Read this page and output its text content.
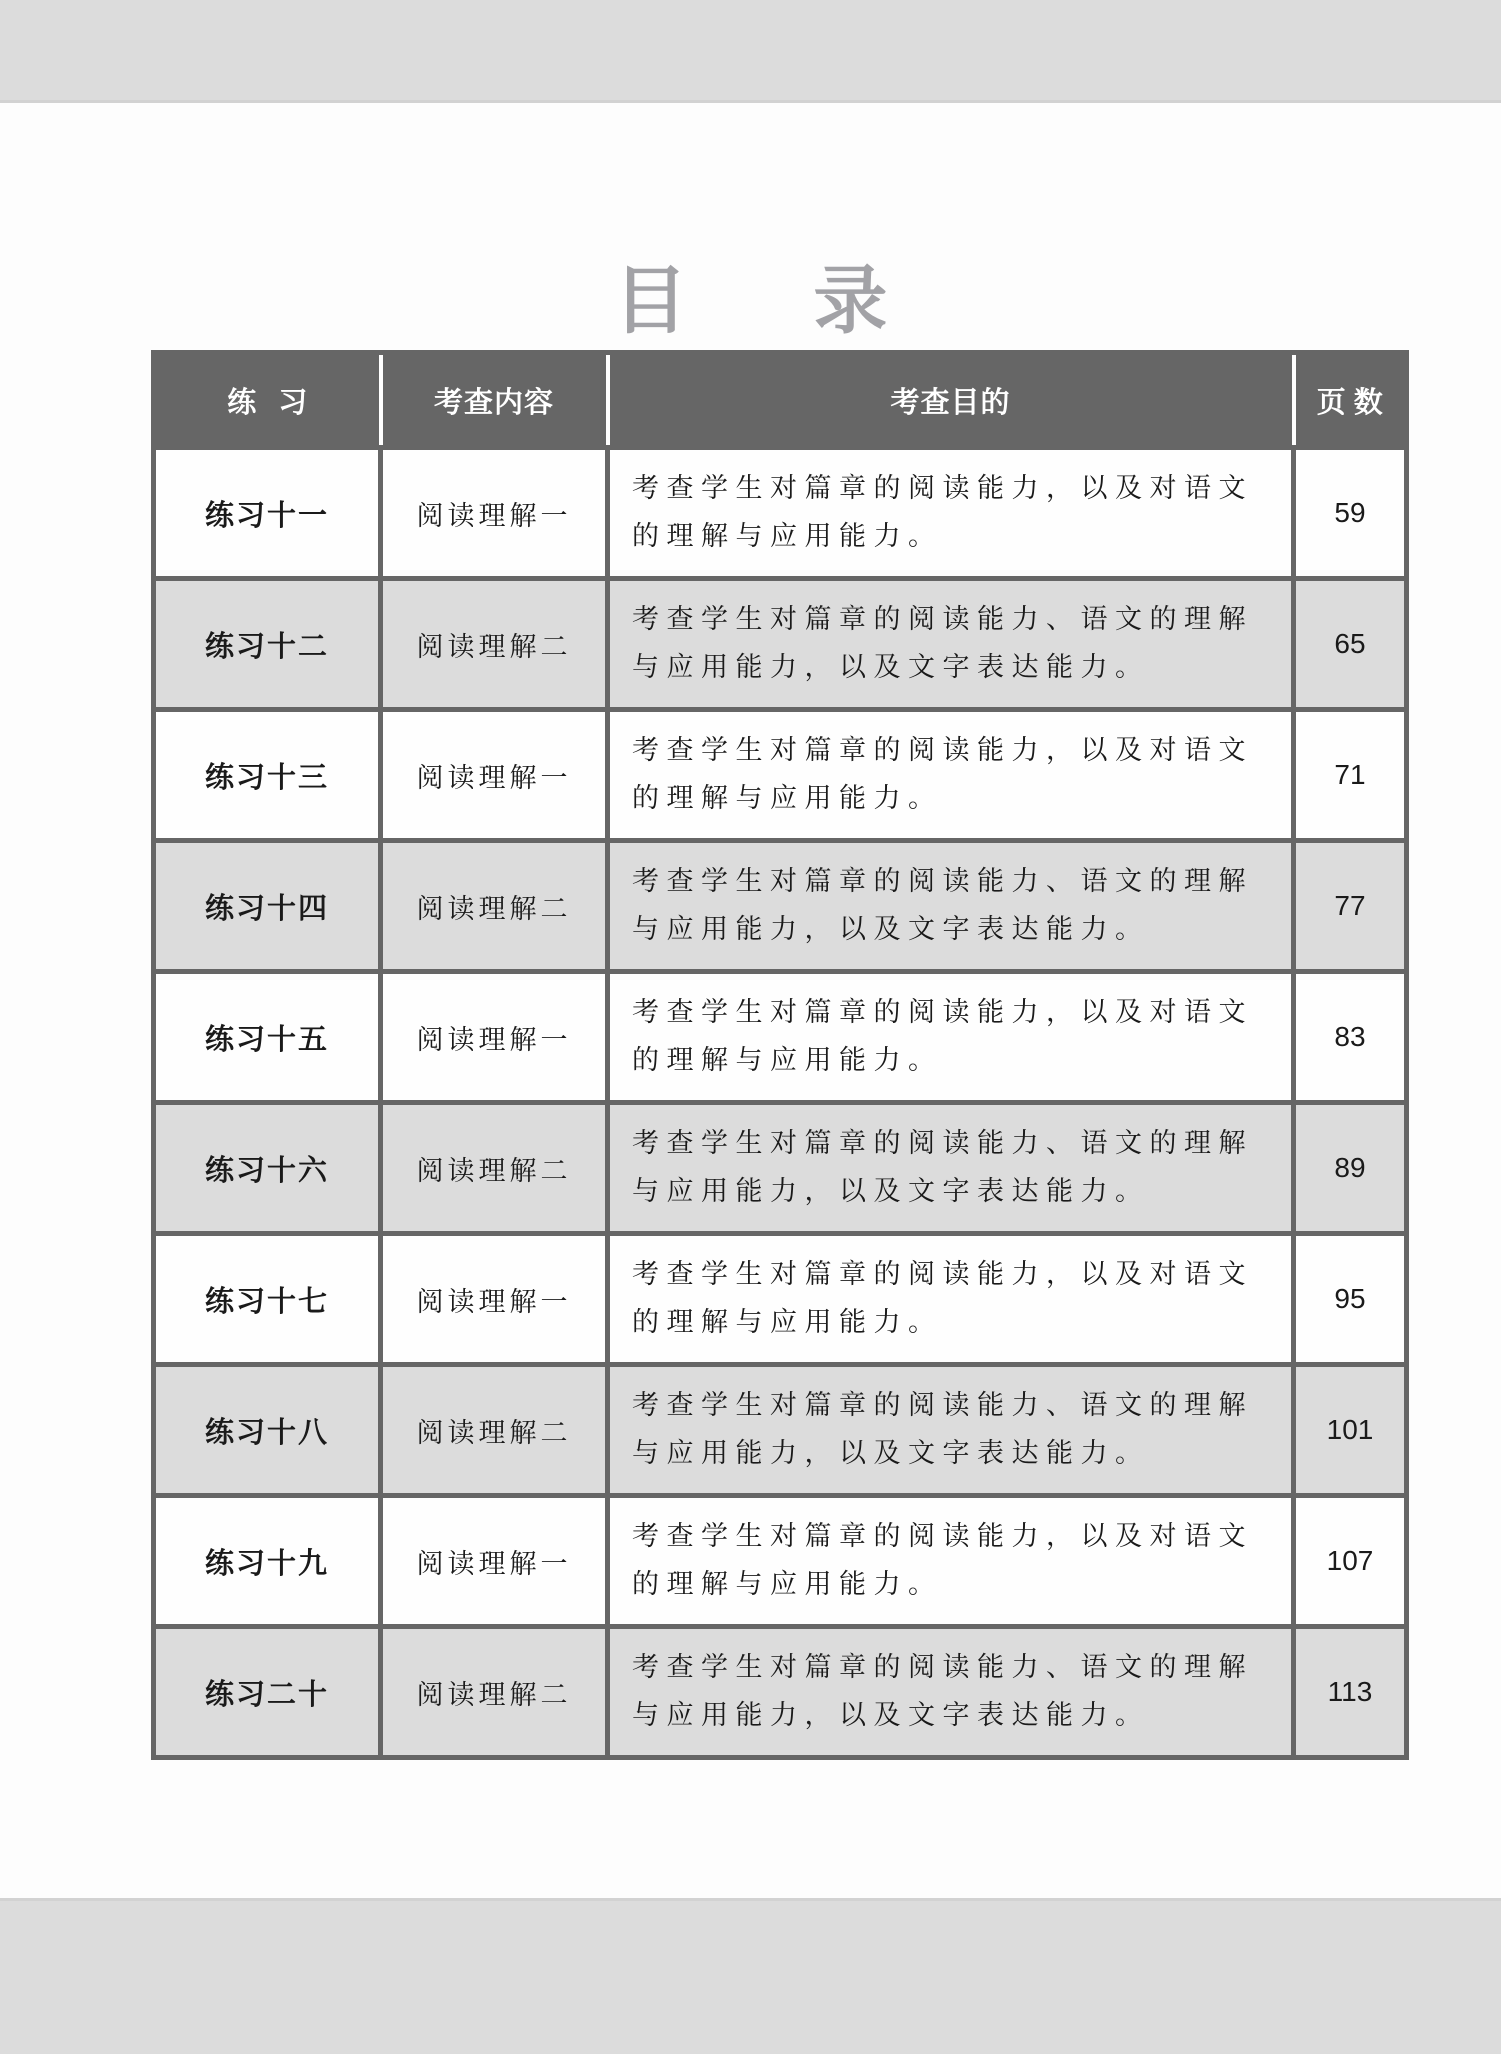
目 录
练习	考查内容	考查目的	页数
练习十一	阅读理解一	考查学生对篇章的阅读能力，以及对语文的理解与应用能力。	59
练习十二	阅读理解二	考查学生对篇章的阅读能力、语文的理解与应用能力，以及文字表达能力。	65
练习十三	阅读理解一	考查学生对篇章的阅读能力，以及对语文的理解与应用能力。	71
练习十四	阅读理解二	考查学生对篇章的阅读能力、语文的理解与应用能力，以及文字表达能力。	77
练习十五	阅读理解一	考查学生对篇章的阅读能力，以及对语文的理解与应用能力。	83
练习十六	阅读理解二	考查学生对篇章的阅读能力、语文的理解与应用能力，以及文字表达能力。	89
练习十七	阅读理解一	考查学生对篇章的阅读能力，以及对语文的理解与应用能力。	95
练习十八	阅读理解二	考查学生对篇章的阅读能力、语文的理解与应用能力，以及文字表达能力。	101
练习十九	阅读理解一	考查学生对篇章的阅读能力，以及对语文的理解与应用能力。	107
练习二十	阅读理解二	考查学生对篇章的阅读能力、语文的理解与应用能力，以及文字表达能力。	113
